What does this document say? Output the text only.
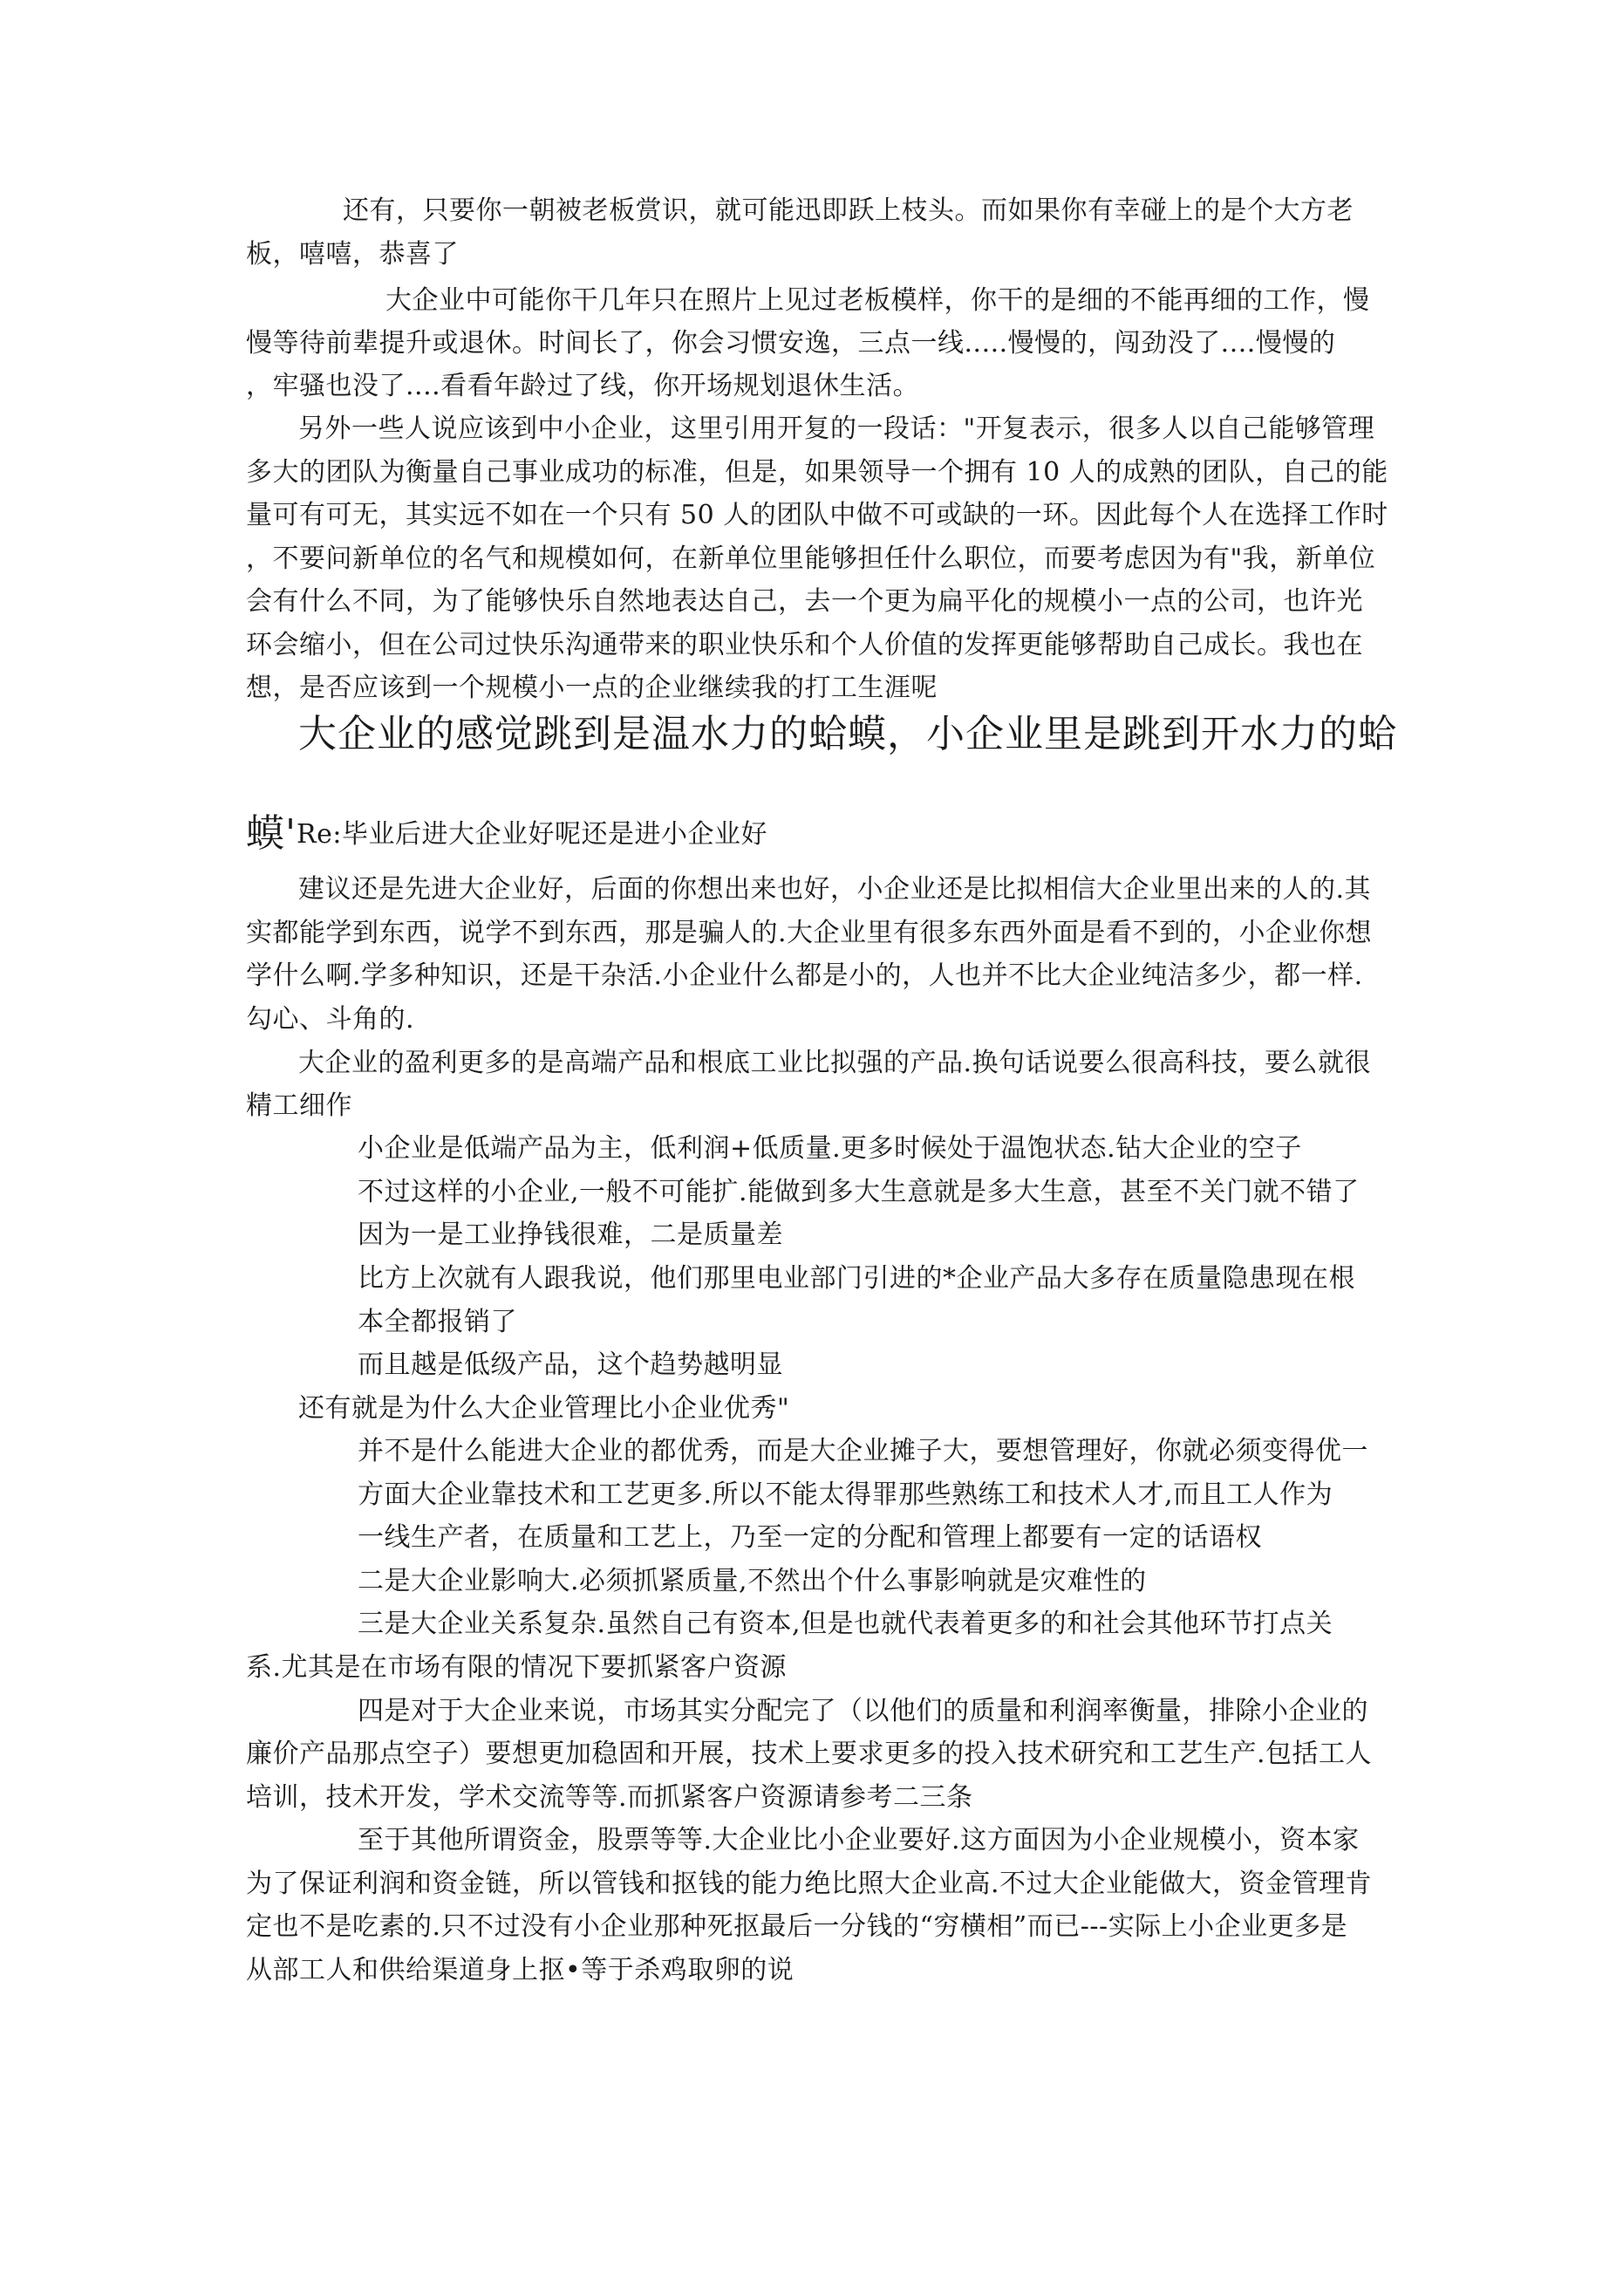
还有，只要你一朝被老板赏识，就可能迅即跃上枝头。而如果你有幸碰上的是个大方老
板，嘻嘻，恭喜了
大企业中可能你干几年只在照片上见过老板模样，你干的是细的不能再细的工作，慢
慢等待前辈提升或退休。时间长了，你会习惯安逸，三点一线.....慢慢的，闯劲没了....慢慢的
，牢骚也没了....看看年龄过了线，你开场规划退休生活。
另外一些人说应该到中小企业，这里引用开复的一段话："开复表示，很多人以自己能够管理
多大的团队为衡量自己事业成功的标准，但是，如果领导一个拥有 10 人的成熟的团队，自己的能
量可有可无，其实远不如在一个只有 50 人的团队中做不可或缺的一环。因此每个人在选择工作时
，不要问新单位的名气和规模如何，在新单位里能够担任什么职位，而要考虑因为有"我，新单位
会有什么不同，为了能够快乐自然地表达自己，去一个更为扁平化的规模小一点的公司，也许光
环会缩小，但在公司过快乐沟通带来的职业快乐和个人价值的发挥更能够帮助自己成长。我也在
想，是否应该到一个规模小一点的企业继续我的打工生涯呢
大企业的感觉跳到是温水力的蛤蟆，小企业里是跳到开水力的蛤
蟆' Re:毕业后进大企业好呢还是进小企业好
建议还是先进大企业好，后面的你想出来也好，小企业还是比拟相信大企业里出来的人的.其
实都能学到东西，说学不到东西，那是骗人的.大企业里有很多东西外面是看不到的，小企业你想
学什么啊.学多种知识，还是干杂活.小企业什么都是小的，人也并不比大企业纯洁多少，都一样.
勾心、斗角的.
大企业的盈利更多的是高端产品和根底工业比拟强的产品.换句话说要么很高科技，要么就很
精工细作
小企业是低端产品为主，低利润+低质量.更多时候处于温饱状态.钻大企业的空子
不过这样的小企业,一般不可能扩.能做到多大生意就是多大生意，甚至不关门就不错了
因为一是工业挣钱很难，二是质量差
比方上次就有人跟我说，他们那里电业部门引进的*企业产品大多存在质量隐患现在根
本全都报销了
而且越是低级产品，这个趋势越明显
还有就是为什么大企业管理比小企业优秀"
并不是什么能进大企业的都优秀，而是大企业摊子大，要想管理好，你就必须变得优一
方面大企业靠技术和工艺更多.所以不能太得罪那些熟练工和技术人才,而且工人作为
一线生产者，在质量和工艺上，乃至一定的分配和管理上都要有一定的话语权
二是大企业影响大.必须抓紧质量,不然出个什么事影响就是灾难性的
三是大企业关系复杂.虽然自己有资本,但是也就代表着更多的和社会其他环节打点关
系.尤其是在市场有限的情况下要抓紧客户资源
四是对于大企业来说，市场其实分配完了（以他们的质量和利润率衡量，排除小企业的
廉价产品那点空子）要想更加稳固和开展，技术上要求更多的投入技术研究和工艺生产.包括工人
培训，技术开发，学术交流等等.而抓紧客户资源请参考二三条
至于其他所谓资金，股票等等.大企业比小企业要好.这方面因为小企业规模小，资本家
为了保证利润和资金链，所以管钱和抠钱的能力绝比照大企业高.不过大企业能做大，资金管理肯
定也不是吃素的.只不过没有小企业那种死抠最后一分钱的“穷横相”而已---实际上小企业更多是
从部工人和供给渠道身上抠•等于杀鸡取卵的说
